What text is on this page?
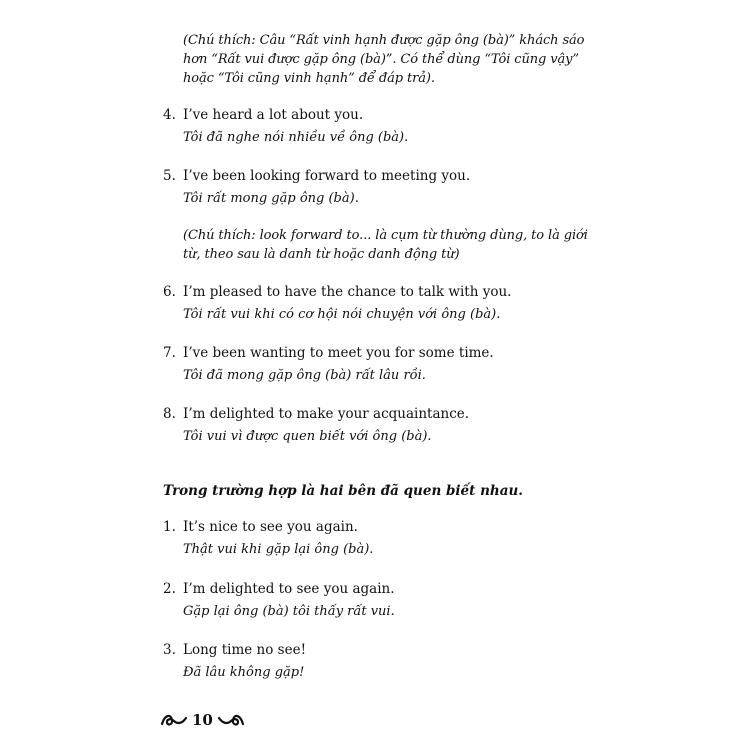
(Chú thích: Câu “Rất vinh hạnh được gặp ông (bà)” khách sáo hơn “Rất vui được gặp ông (bà)”. Có thể dùng “Tôi cũng vậy” hoặc “Tôi cũng vinh hạnh” để đáp trả).
4. I’ve heard a lot about you.
Tôi đã nghe nói nhiều về ông (bà).
5. I’ve been looking forward to meeting you.
Tôi rất mong gặp ông (bà).
(Chú thích: look forward to... là cụm từ thường dùng, to là giới từ, theo sau là danh từ hoặc danh động từ)
6. I’m pleased to have the chance to talk with you.
Tôi rất vui khi có cơ hội nói chuyện với ông (bà).
7. I’ve been wanting to meet you for some time.
Tôi đã mong gặp ông (bà) rất lâu rồi.
8. I’m delighted to make your acquaintance.
Tôi vui vì được quen biết với ông (bà).
Trong trường hợp là hai bên đã quen biết nhau.
1. It’s nice to see you again.
Thật vui khi gặp lại ông (bà).
2. I’m delighted to see you again.
Gặp lại ông (bà) tôi thấy rất vui.
3. Long time no see!
Đã lâu không gặp!
10
